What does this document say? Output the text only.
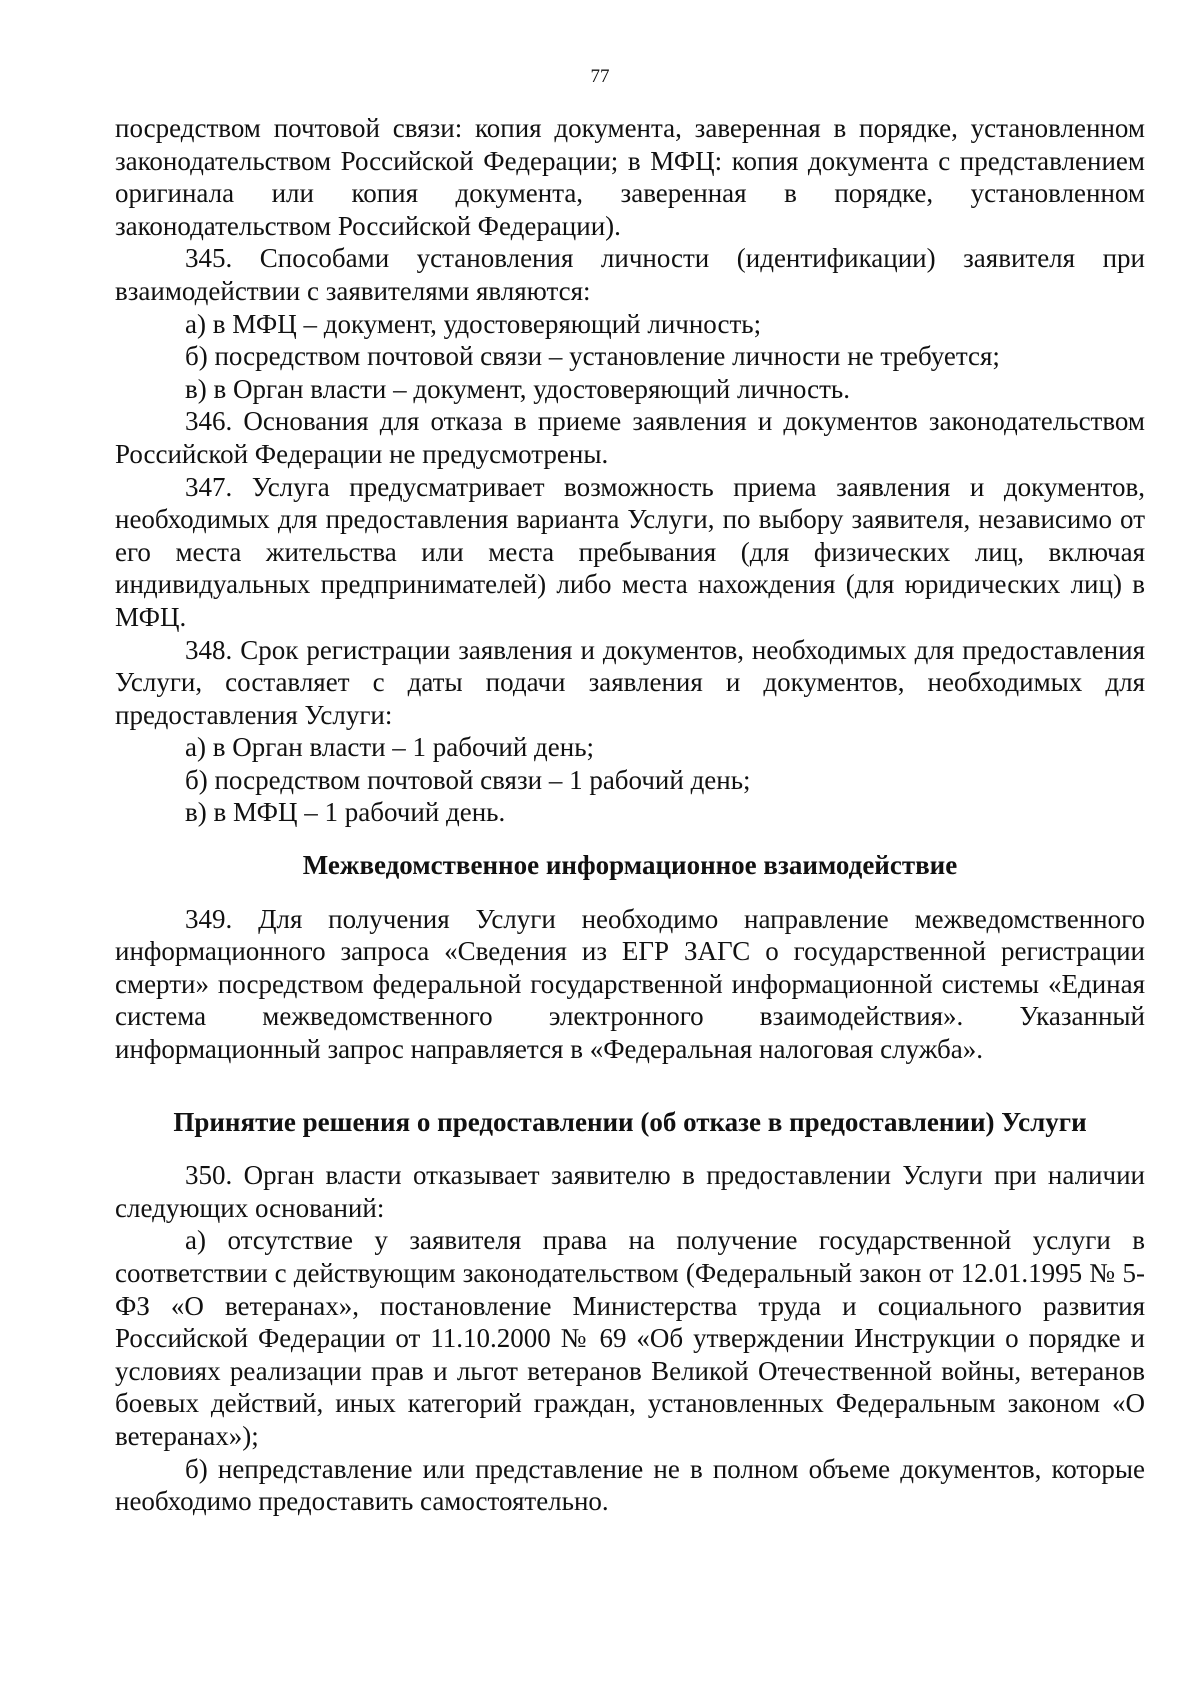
77

посредством почтовой связи: копия документа, заверенная в порядке, установленном законодательством Российской Федерации; в МФЦ: копия документа с представлением оригинала или копия документа, заверенная в порядке, установленном законодательством Российской Федерации).

345. Способами установления личности (идентификации) заявителя при взаимодействии с заявителями являются:

а) в МФЦ – документ, удостоверяющий личность;

б) посредством почтовой связи – установление личности не требуется;

в) в Орган власти – документ, удостоверяющий личность.

346. Основания для отказа в приеме заявления и документов законодательством Российской Федерации не предусмотрены.

347. Услуга предусматривает возможность приема заявления и документов, необходимых для предоставления варианта Услуги, по выбору заявителя, независимо от его места жительства или места пребывания (для физических лиц, включая индивидуальных предпринимателей) либо места нахождения (для юридических лиц) в МФЦ.

348. Срок регистрации заявления и документов, необходимых для предоставления Услуги, составляет с даты подачи заявления и документов, необходимых для предоставления Услуги:

а) в Орган власти – 1 рабочий день;

б) посредством почтовой связи – 1 рабочий день;

в) в МФЦ – 1 рабочий день.

Межведомственное информационное взаимодействие

349. Для получения Услуги необходимо направление межведомственного информационного запроса «Сведения из ЕГР ЗАГС о государственной регистрации смерти» посредством федеральной государственной информационной системы «Единая система межведомственного электронного взаимодействия». Указанный информационный запрос направляется в «Федеральная налоговая служба».

Принятие решения о предоставлении (об отказе в предоставлении) Услуги

350. Орган власти отказывает заявителю в предоставлении Услуги при наличии следующих оснований:

а) отсутствие у заявителя права на получение государственной услуги в соответствии с действующим законодательством (Федеральный закон от 12.01.1995 № 5-ФЗ «О ветеранах», постановление Министерства труда и социального развития Российской Федерации от 11.10.2000 № 69 «Об утверждении Инструкции о порядке и условиях реализации прав и льгот ветеранов Великой Отечественной войны, ветеранов боевых действий, иных категорий граждан, установленных Федеральным законом «О ветеранах»);

б) непредставление или представление не в полном объеме документов, которые необходимо предоставить самостоятельно.
